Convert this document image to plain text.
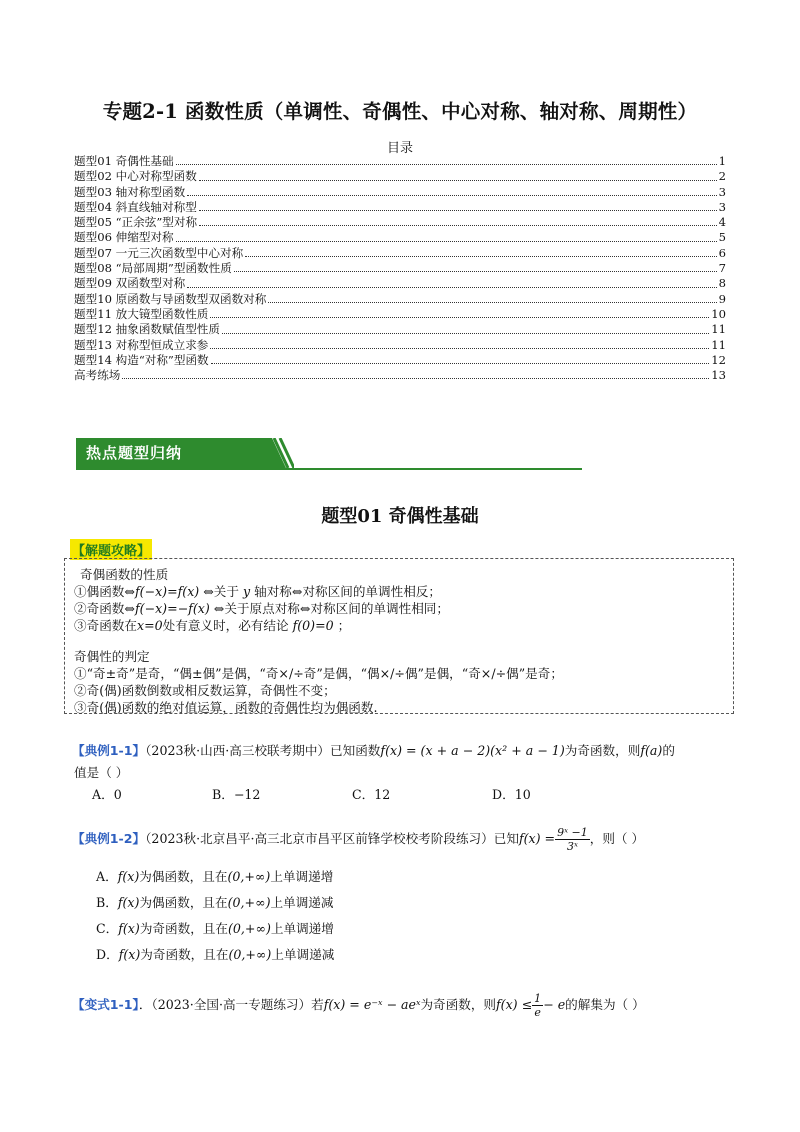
专题2-1 函数性质（单调性、奇偶性、中心对称、轴对称、周期性）
目录
题型01 奇偶性基础	1
题型02 中心对称型函数	2
题型03 轴对称型函数	3
题型04 斜直线轴对称型	3
题型05 “正余弦”型对称	4
题型06 伸缩型对称	5
题型07 一元三次函数型中心对称	6
题型08 “局部周期”型函数性质	7
题型09 双函数型对称	8
题型10 原函数与导函数型双函数对称	9
题型11 放大镜型函数性质	10
题型12 抽象函数赋值型性质	11
题型13 对称型恒成立求参	11
题型14 构造“对称”型函数	12
高考练场	13
热点题型归纳
题型01 奇偶性基础
【解题攻略】
奇偶函数的性质
①偶函数⇔f(−x)=f(x) ⇔关于 y 轴对称⇔对称区间的单调性相反；
②奇函数⇔f(−x)=−f(x) ⇔关于原点对称⇔对称区间的单调性相同；
③奇函数在x=0处有意义时，必有结论 f(0)=0 ；
奇偶性的判定
①“奇±奇”是奇，“偶±偶”是偶，“奇×/÷奇”是偶，“偶×/÷偶”是偶，“奇×/÷偶”是奇；
②奇(偶)函数倒数或相反数运算，奇偶性不变；
③奇(偶)函数的绝对值运算，函数的奇偶性均为偶函数.
【典例1-1】（2023秋·山西·高三校联考期中）已知函数f(x) = (x + a − 2)(x² + a − 1)为奇函数，则f(a)的
值是（ ）
A．0	B．−12	C．12	D．10
【典例1-2】（2023秋·北京昌平·高三北京市昌平区前锋学校校考阶段练习）已知$f(x) = \frac{\text{9ˣ −1}}{\text{3ˣ}}$ ，则（ ）
A．f(x)为偶函数，且在(0,+∞)上单调递增
B．f(x)为偶函数，且在(0,+∞)上单调递减
C．f(x)为奇函数，且在(0,+∞)上单调递增
D．f(x)为奇函数，且在(0,+∞)上单调递减
【变式1-1】．（2023·全国·高一专题练习）若f(x) = e⁻ˣ − aeˣ为奇函数，则$f(x) \le \frac{1}{e} - e$的解集为（ ）
